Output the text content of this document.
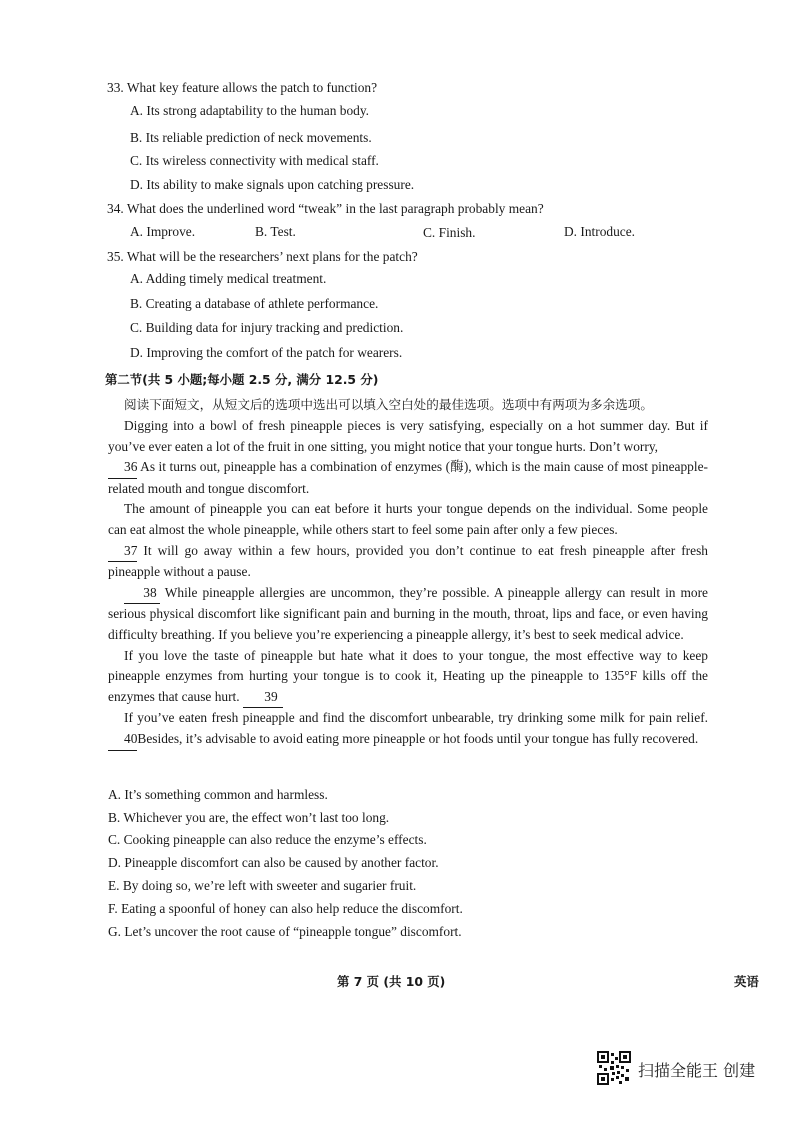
33. What key feature allows the patch to function?
A. Its strong adaptability to the human body.
B. Its reliable prediction of neck movements.
C. Its wireless connectivity with medical staff.
D. Its ability to make signals upon catching pressure.
34. What does the underlined word “tweak” in the last paragraph probably mean?
A. Improve.	B. Test.	C. Finish.	D. Introduce.
35. What will be the researchers’ next plans for the patch?
A. Adding timely medical treatment.
B. Creating a database of athlete performance.
C. Building data for injury tracking and prediction.
D. Improving the comfort of the patch for wearers.
第二节(共 5 小题;每小题 2.5 分, 满分 12.5 分)
阅读下面短文，从短文后的选项中选出可以填入空白处的最佳选项。选项中有两项为多余选项。

Digging into a bowl of fresh pineapple pieces is very satisfying, especially on a hot summer day. But if you’ve ever eaten a lot of the fruit in one sitting, you might notice that your tongue hurts. Don’t worry,
36 As it turns out, pineapple has a combination of enzymes (酶), which is the main cause of most pineapple-related mouth and tongue discomfort.

The amount of pineapple you can eat before it hurts your tongue depends on the individual. Some people can eat almost the whole pineapple, while others start to feel some pain after only a few pieces.
37 It will go away within a few hours, provided you don’t continue to eat fresh pineapple after fresh pineapple without a pause.

38 While pineapple allergies are uncommon, they’re possible. A pineapple allergy can result in more serious physical discomfort like significant pain and burning in the mouth, throat, lips and face, or even having difficulty breathing. If you believe you’re experiencing a pineapple allergy, it’s best to seek medical advice.

If you love the taste of pineapple but hate what it does to your tongue, the most effective way to keep pineapple enzymes from hurting your tongue is to cook it, Heating up the pineapple to 135°F kills off the enzymes that cause hurt. 39

If you’ve eaten fresh pineapple and find the discomfort unbearable, try drinking some milk for pain relief.40Besides, it’s advisable to avoid eating more pineapple or hot foods until your tongue has fully recovered.

A. It’s something common and harmless.
B. Whichever you are, the effect won’t last too long.
C. Cooking pineapple can also reduce the enzyme’s effects.
D. Pineapple discomfort can also be caused by another factor.
E. By doing so, we’re left with sweeter and sugarier fruit.
F. Eating a spoonful of honey can also help reduce the discomfort.
G. Let’s uncover the root cause of “pineapple tongue” discomfort.
第 7 页 (共 10 页)	英语
扫描全能王 创建
